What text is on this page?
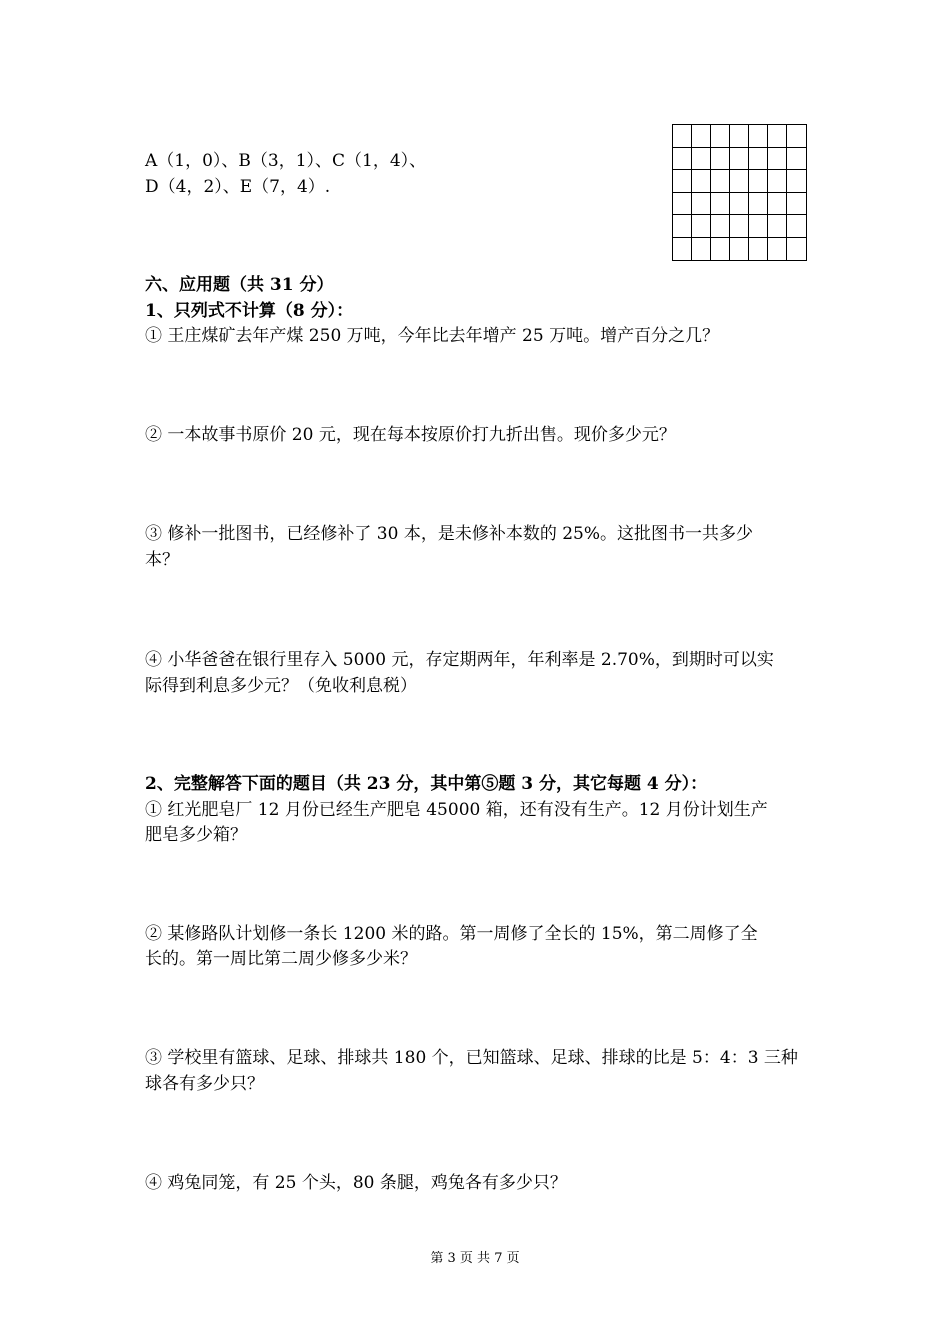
A（1，0）、B（3，1）、C（1，4）、
D（4，2）、E（7，4）.
六、应用题（共 31 分）
1、只列式不计算（8 分）：
① 王庄煤矿去年产煤 250 万吨，今年比去年增产 25 万吨。增产百分之几？
② 一本故事书原价 20 元，现在每本按原价打九折出售。现价多少元？
③ 修补一批图书，已经修补了 30 本，是未修补本数的 25%。这批图书一共多少
本？
④ 小华爸爸在银行里存入 5000 元，存定期两年，年利率是 2.70%，到期时可以实
际得到利息多少元？（免收利息税）
2、完整解答下面的题目（共 23 分，其中第⑤题 3 分，其它每题 4 分）：
① 红光肥皂厂 12 月份已经生产肥皂 45000 箱，还有没有生产。12 月份计划生产
肥皂多少箱？
② 某修路队计划修一条长 1200 米的路。第一周修了全长的 15%，第二周修了全
长的。第一周比第二周少修多少米？
③ 学校里有篮球、足球、排球共 180 个，已知篮球、足球、排球的比是 5：4：3 三种
球各有多少只？
④ 鸡兔同笼，有 25 个头，80 条腿，鸡兔各有多少只？
第 3 页 共 7 页
